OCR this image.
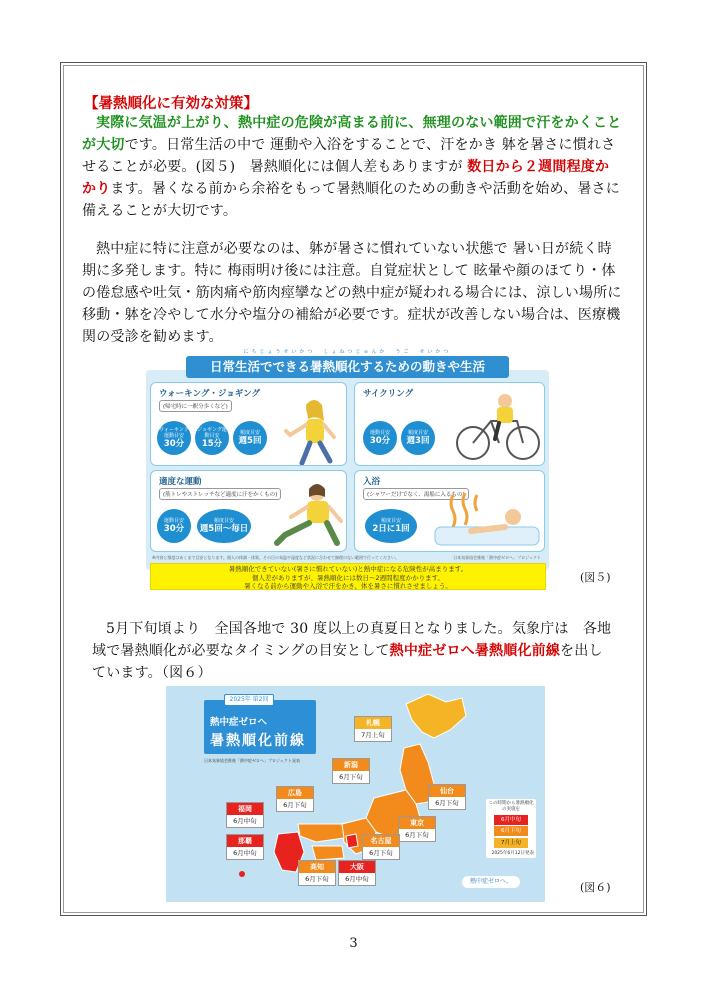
【暑熱順化に有効な対策】
実際に気温が上がり、熱中症の危険が高まる前に、無理のない範囲で汗をかくことが大切です。日常生活の中で 運動や入浴をすることで、汗をかき 躰を暑さに慣れさせることが必要。(図５)　暑熱順化には個人差もありますが 数日から２週間程度かかります。暑くなる前から余裕をもって暑熱順化のための動きや活動を始め、暑さに備えることが大切です。
熱中症に特に注意が必要なのは、躰が暑さに慣れていない状態で 暑い日が続く時期に多発します。特に 梅雨明け後には注意。自覚症状として 眩暈や顔のほてり・体の倦怠感や吐気・筋肉痛や筋肉痙攣などの熱中症が疑われる場合には、涼しい場所に移動・躰を冷やして水分や塩分の補給が必要です。症状が改善しない場合は、医療機関の受診を勧めます。
にちじょうせいかつ　しょねつじゅんか　うご　せいかつ
日常生活でできる暑熱順化するための動きや生活
ウォーキング・ジョギング
(帰宅時に一駅分歩くなど)
ウォーキング運動目安
30分
ジョギング運動目安
15分
頻度目安
週5回
サイクリング
運動目安
30分
頻度目安
週3回
適度な運動
(筋トレやストレッチなど適度に汗をかくもの)
運動目安
30分
頻度目安
週5回～毎日
入浴
(シャワーだけでなく、湯船に入るもの)
頻度目安
2日に1回
※内容と頻度はあくまで目安となります。個人の体調・体質、その日の気温や湿度など状況に合わせて無理のない範囲で行ってください。	日本気象協会推進「熱中症ゼロへ」プロジェクト
暑熱順化できていない(暑さに慣れていない)と熱中症になる危険性が高まります。
個人差がありますが、暑熱順化には数日～2週間程度かかります。
暑くなる前から運動や入浴で汗をかき、体を暑さに慣れさせましょう。
(図５)
5月下旬頃より　全国各地で 30 度以上の真夏日となりました。気象庁は　各地域で暑熱順化が必要なタイミングの目安として熱中症ゼロへ暑熱順化前線を出しています。（図６）
2025年 第2回
熱中症ゼロへ
暑熱順化前線
日本気象協会推進「熱中症ゼロへ」プロジェクト発表
札幌
7月上旬
新潟
6月下旬
仙台
6月下旬
広島
6月下旬
東京
6月下旬
福岡
6月中旬
名古屋
6月下旬
那覇
6月中旬
高知
6月下旬
大阪
6月中旬
この時期から暑熱順化の実施を
6月中旬
6月下旬
7月上旬
2025年6月12日発表
熱中症ゼロへ。	(図６)
3
